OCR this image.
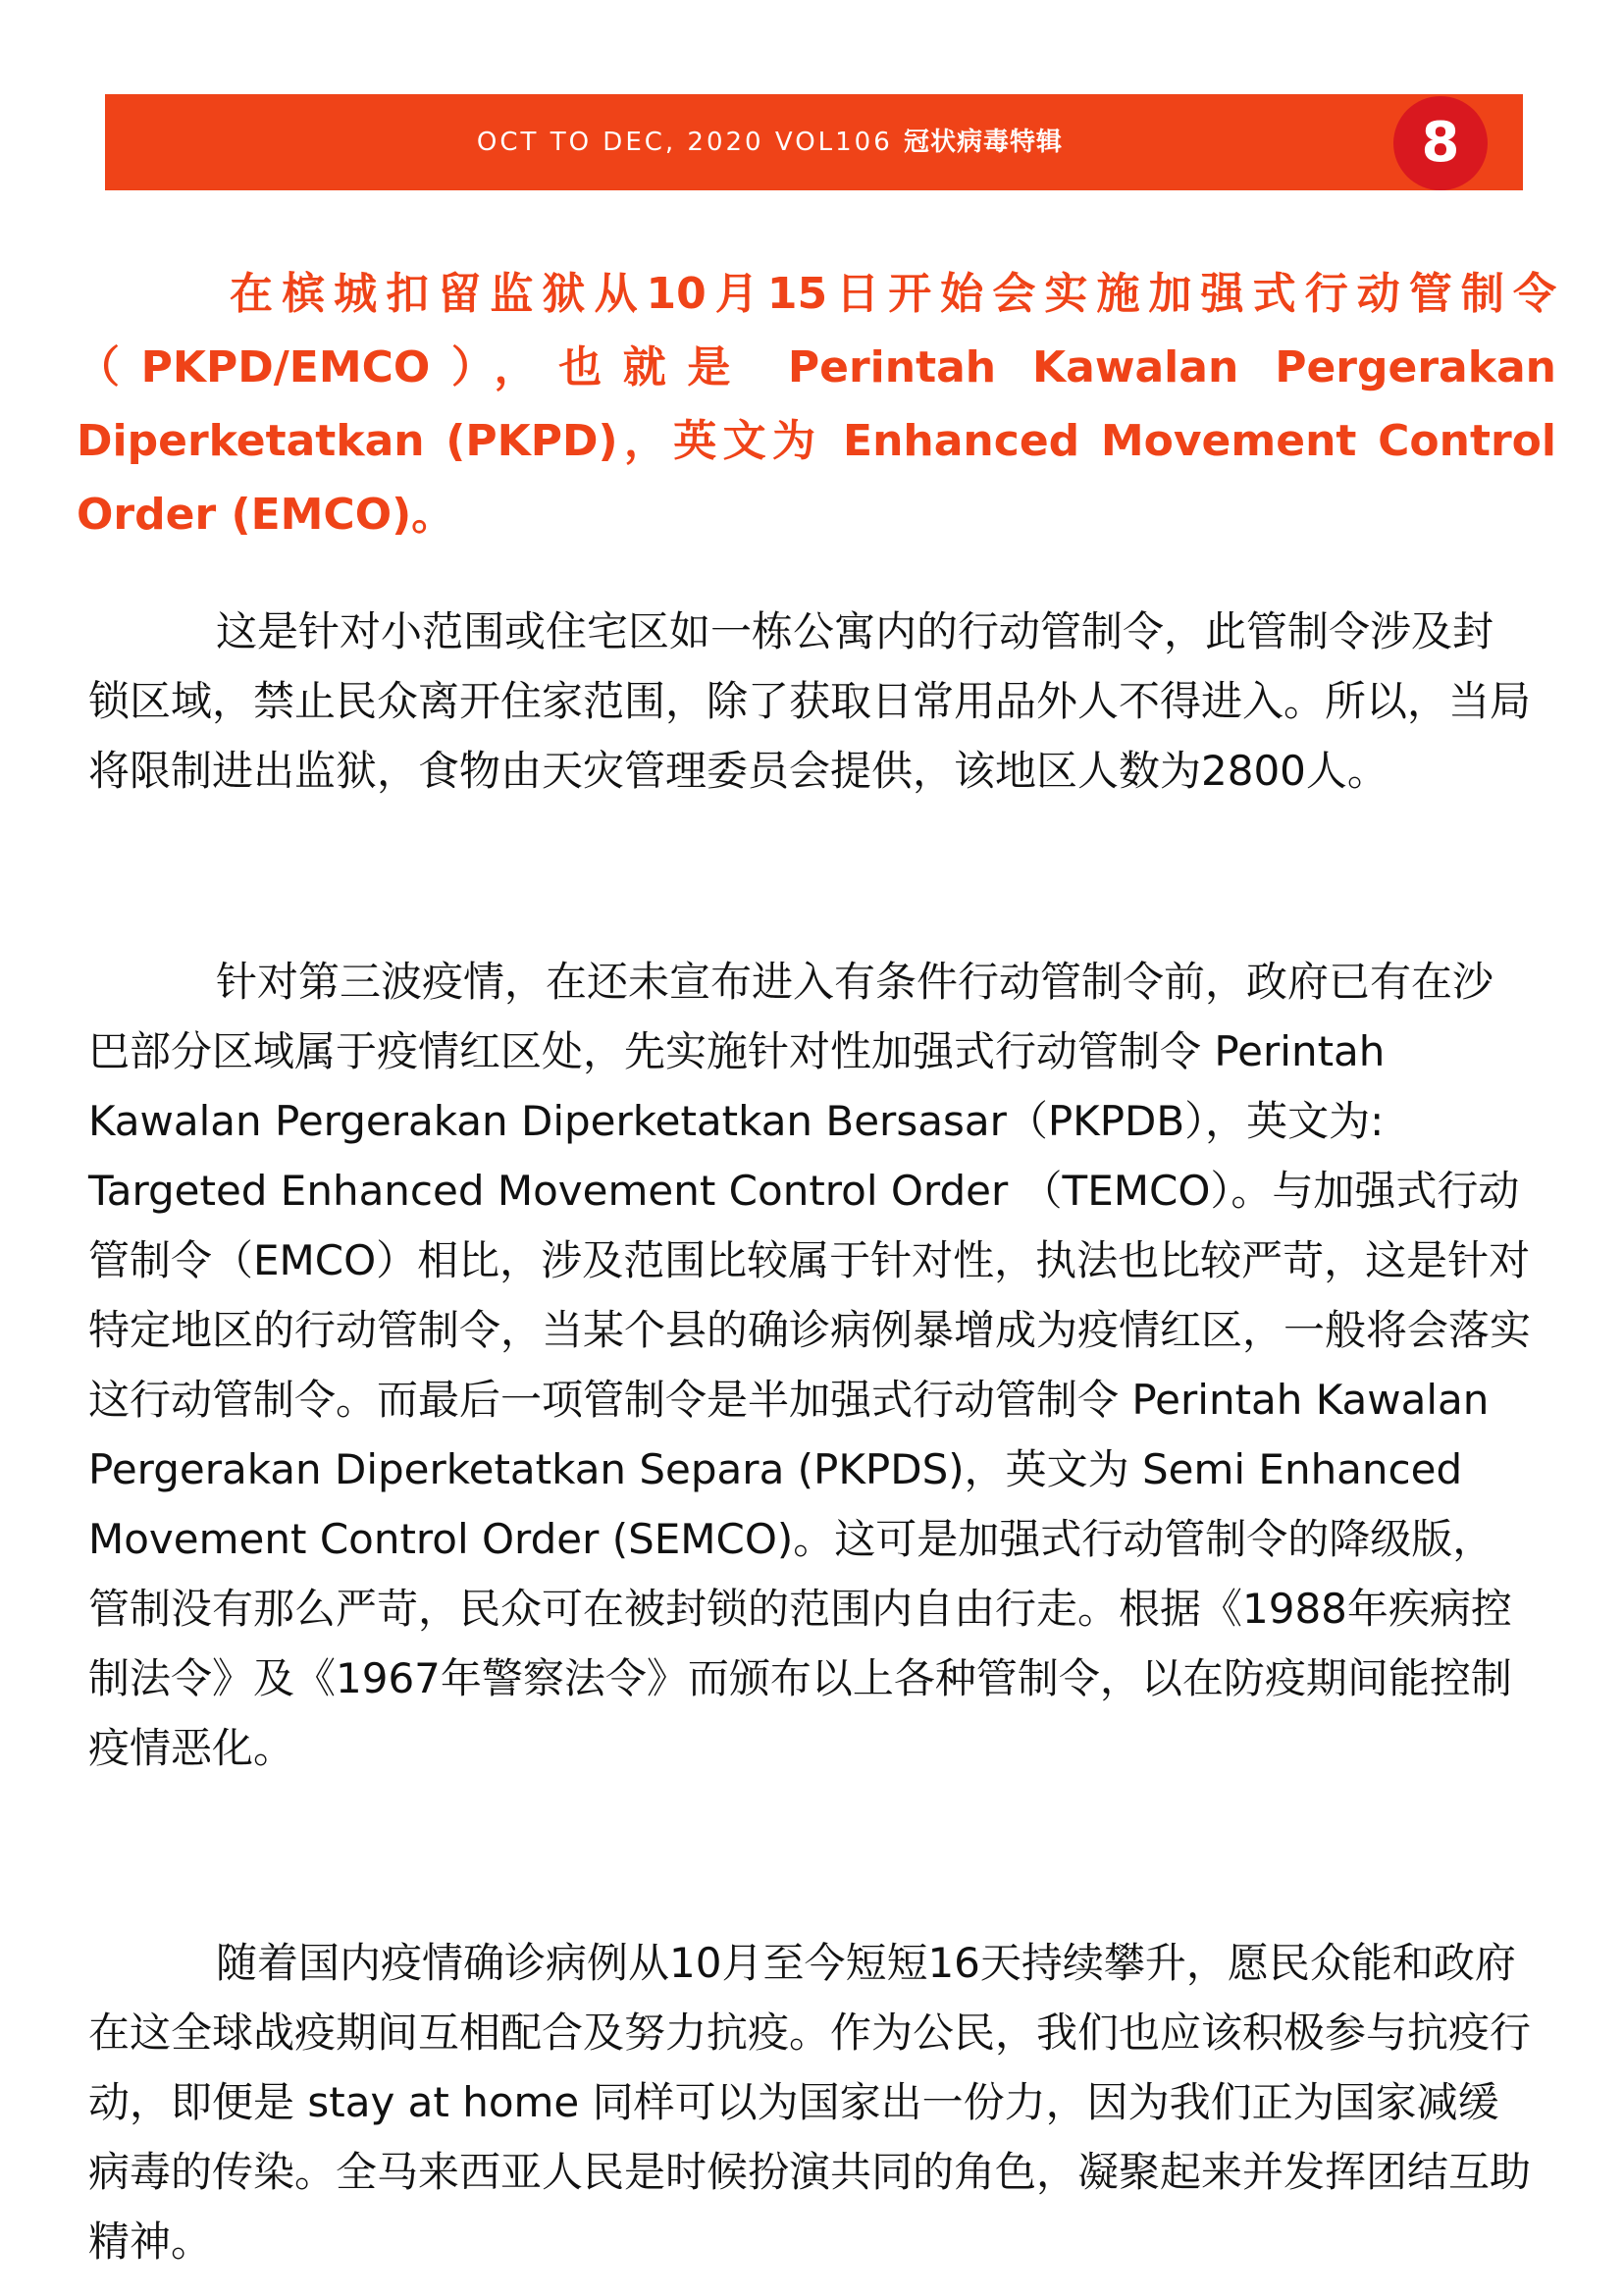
OCT TO DEC, 2020 VOL106 冠状病毒特辑	8

在槟城扣留监狱从10月15日开始会实施加强式行动管制令（PKPD/EMCO），也就是 Perintah Kawalan Pergerakan Diperketatkan (PKPD)，英文为 Enhanced Movement Control Order (EMCO)。

这是针对小范围或住宅区如一栋公寓内的行动管制令，此管制令涉及封锁区域，禁止民众离开住家范围，除了获取日常用品外人不得进入。所以，当局将限制进出监狱，食物由天灾管理委员会提供，该地区人数为2800人。

针对第三波疫情，在还未宣布进入有条件行动管制令前，政府已有在沙巴部分区域属于疫情红区处，先实施针对性加强式行动管制令 Perintah Kawalan Pergerakan Diperketatkan Bersasar（PKPDB），英文为: Targeted Enhanced Movement Control Order （TEMCO）。与加强式行动管制令（EMCO）相比，涉及范围比较属于针对性，执法也比较严苛，这是针对特定地区的行动管制令，当某个县的确诊病例暴增成为疫情红区，一般将会落实这行动管制令。而最后一项管制令是半加强式行动管制令 Perintah Kawalan Pergerakan Diperketatkan Separa (PKPDS)，英文为 Semi Enhanced Movement Control Order (SEMCO)。这可是加强式行动管制令的降级版，管制没有那么严苛，民众可在被封锁的范围内自由行走。根据《1988年疾病控制法令》及《1967年警察法令》而颁布以上各种管制令，以在防疫期间能控制疫情恶化。

随着国内疫情确诊病例从10月至今短短16天持续攀升，愿民众能和政府在这全球战疫期间互相配合及努力抗疫。作为公民，我们也应该积极参与抗疫行动，即便是 stay at home 同样可以为国家出一份力，因为我们正为国家减缓病毒的传染。全马来西亚人民是时候扮演共同的角色，凝聚起来并发挥团结互助精神。
